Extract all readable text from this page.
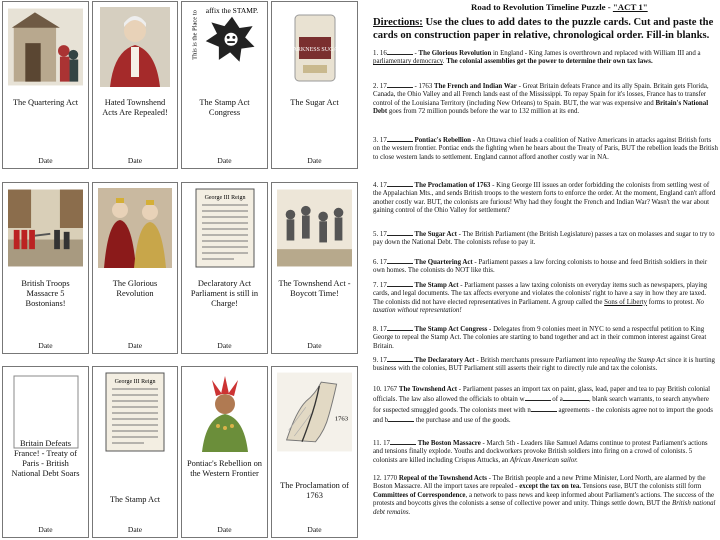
The Quartering Act
Date
Hated Townshend Acts Are Repealed!
Date
This is the Place to affix the STAMP.
The Stamp Act Congress
Date
HARKNESS SUGAR
The Sugar Act
Date
British Troops Massacre 5 Bostonians!
Date
The Glorious Revolution
Date
George III Reign
Declaratory Act Parliament is still in Charge!
Date
The Townshend Act - Boycott Time!
Date
Britain Defeats France! - Treaty of Paris - British National Debt Soars
Date
George III Reign
The Stamp Act
Date
Pontiac's Rebellion on the Western Frontier
Date
1763
The Proclamation of 1763
Date
Road to Revolution Timeline Puzzle - "ACT 1"
Directions: Use the clues to add dates to the puzzle cards. Cut and paste the cards on construction paper in relative, chronological order. Fill-in blanks.
1. 16	- The Glorious Revolution in England - King James is overthrown and replaced with William III and a parliamentary democracy. The colonial assemblies get the power to determine their own tax laws.
2. 17	- 1763 The French and Indian War - Great Britain defeats France and its ally Spain. Britain gets Florida, Canada, the Ohio Valley and all French lands east of the Mississippi. To repay Spain for it's losses, France has to transfer control of the Louisiana Territory (including New Orleans) to Spain. BUT, the war was expensive and Britain's National Debt goes from 72 million pounds before the war to 132 million at its end.
3. 17	Pontiac's Rebellion - An Ottawa chief leads a coalition of Native Americans in attacks against British forts on the western frontier. Pontiac ends the fighting when he hears about the Treaty of Paris, BUT the rebellion leads the British to close western lands to settlement. England cannot afford another costly war in NA.
4. 17	The Proclamation of 1763 - King George III issues an order forbidding the colonists from settling west of the Appalachian Mts., and sends British troops to the western forts to enforce the order. At the moment, England can't afford another costly war. BUT, the colonists are furious! Why had they fought the French and Indian War? Wasn't the war about gaining control of the Ohio Valley for settlement?
5. 17	The Sugar Act - The British Parliament (the British Legislature) passes a tax on molasses and sugar to try to pay down the National Debt. The colonists refuse to pay it.
6. 17	The Quartering Act - Parliament passes a law forcing colonists to house and feed British soldiers in their own homes. The colonists do NOT like this.
7. 17	The Stamp Act - Parliament passes a law taxing colonists on everyday items such as newspapers, playing cards, and legal documents. The tax affects everyone and violates the colonists' right to have a say in how they are taxed. The colonists did not have elected representatives in Parliament. A group called the Sons of Liberty forms to protest. No taxation without representation!
8. 17	The Stamp Act Congress - Delegates from 9 colonies meet in NYC to send a respectful petition to King George to repeal the Stamp Act. The colonies are starting to band together and act in their common interest against Great Britain.
9. 17	The Declaratory Act - British merchants pressure Parliament into repealing the Stamp Act since it is hurting business with the colonies, BUT Parliament still asserts their right to directly rule and tax the colonists.
10. 1767 The Townshend Act - Parliament passes an import tax on paint, glass, lead, paper and tea to pay British colonial officials. The law also allowed the officials to obtain w	of a	, blank search warrants, to search anywhere for suspected smuggled goods. The colonists meet with n	agreements - the colonists agree not to import the goods and b	the purchase and use of the goods.
11. 17	The Boston Massacre - March 5th - Leaders like Samuel Adams continue to protest Parliament's actions and tensions finally explode. Youths and dockworkers provoke British soldiers into firing on a crowd of colonists. 5 colonists are killed including Crispus Attucks, an African American sailor.
12. 1770 Repeal of the Townshend Acts - The British people and a new Prime Minister, Lord North, are alarmed by the Boston Massacre. All the import taxes are repealed - except the tax on tea. Tensions ease, BUT the colonists still form Committees of Correspondence, a network to pass news and keep informed about Parliament's actions. The success of the protests and boycotts gives the colonists a sense of collective power and unity. Things settle down, BUT the British national debt remains.
